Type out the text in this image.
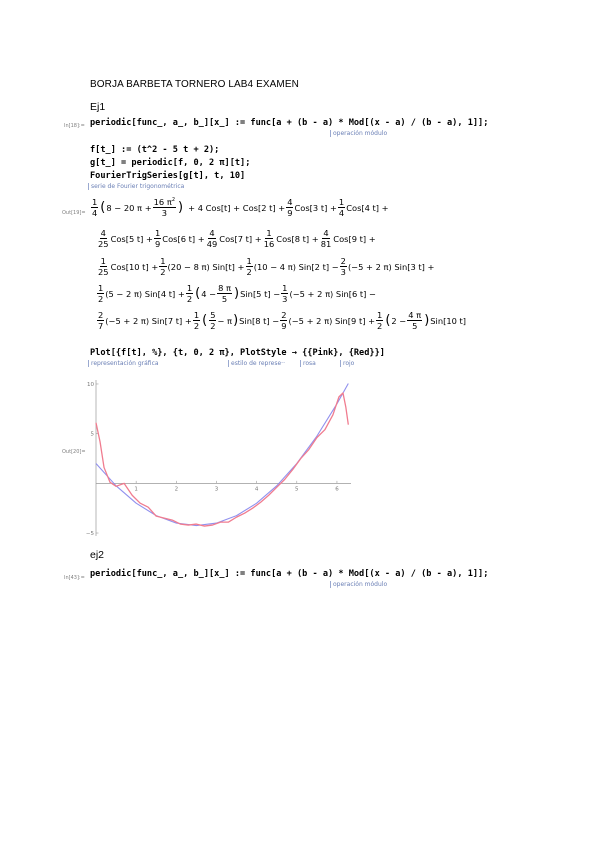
BORJA BARBETA TORNERO LAB4 EXAMEN
Ej1
In[18]:= periodic[func_, a_, b_][x_] := func[a + (b - a) * Mod[(x - a) / (b - a), 1]];
operación módulo
f[t_] := (t^2 - 5 t + 2);
g[t_] = periodic[f, 0, 2 π][t];
FourierTrigSeries[g[t], t, 10]
serie de Fourier trigonométrica
$Out[19]= \frac{1}{4}$ ( 8 − 20 $\pi + \frac{16 \pi^2}{3}$ ) + 4 Cos[t] + Cos[2 $t] + \frac{4}{9} Cos[3$ $t] + \frac{1}{4} Cos[4$ t] +
$\frac{4}{25} Cos[5$ $t] + \frac{1}{9} Cos[6$ $t] + \frac{4}{49} Cos[7$ $t] + \frac{1}{16} Cos[8$ $t] + \frac{4}{81} Cos[9$ t] +
$\frac{1}{25} Cos[10$ $t] + \frac{1}{2} (20 - 8$ π) $Sin[t] + \frac{1}{2} (10 - 4$ π) Sin[2 $t] - \frac{2}{3} (-5 + 2$ π) Sin[3 t] +
$\frac{1}{2} (5 - 2$ π) Sin[4 $t] + \frac{1}{2}$ ( $4 - \frac{8 \pi}{5}$ ) Sin[5 $t] - \frac{1}{3} (-5 + 2$ π) Sin[6 t] −
$\frac{2}{7} (-5 + 2$ π) Sin[7 $t] + \frac{1}{2}$ ( $\frac{5}{2} - \pi$ ) Sin[8 $t] - \frac{2}{9} (-5 + 2$ π) Sin[9 $t] + \frac{1}{2}$ ( $2 - \frac{4 \pi}{5}$ ) Sin[10 t]
Plot[{f[t], %}, {t, 0, 2 π}, PlotStyle → {{Pink}, {Red}}]
representación gráfica	estilo de represe··	rosa	rojo
Out[20]=
1	2	3	4	5	6
10
5
−5
ej2
In[43]:= periodic[func_, a_, b_][x_] := func[a + (b - a) * Mod[(x - a) / (b - a), 1]];
operación módulo
